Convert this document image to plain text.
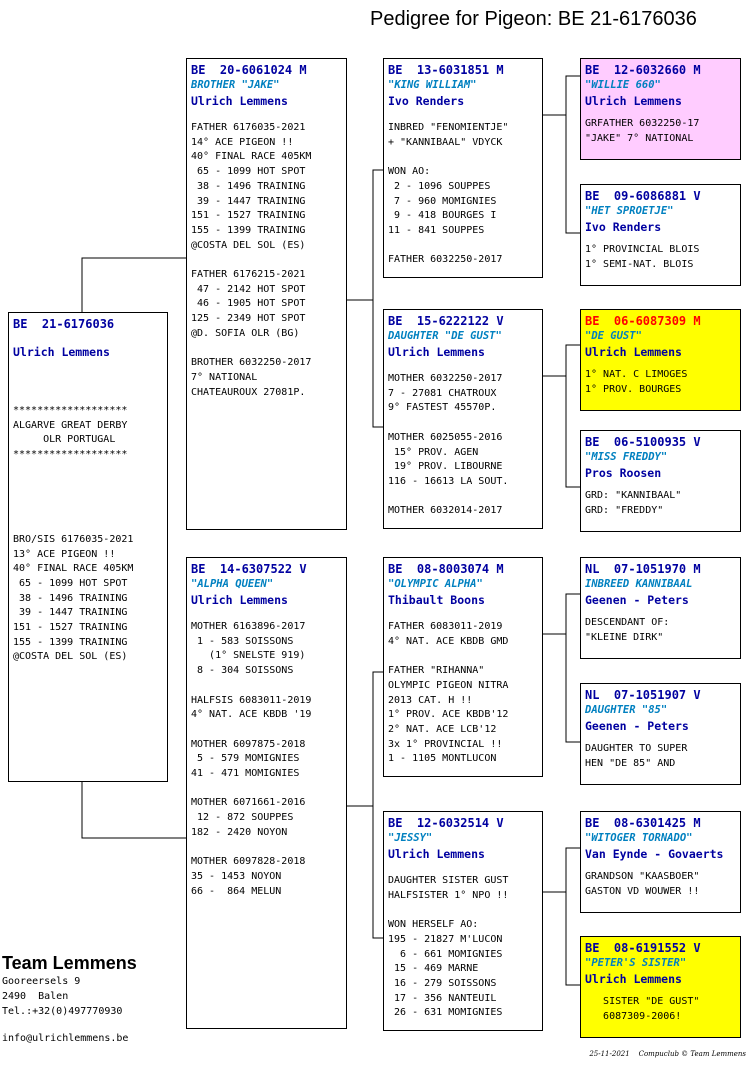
Pedigree for Pigeon: BE 21-6176036
BE  21-6176036
Ulrich Lemmens
*******************
ALGARVE GREAT DERBY
OLR PORTUGAL
*******************
BRO/SIS 6176035-2021
13° ACE PIGEON !!
40° FINAL RACE 405KM
65 - 1099 HOT SPOT
38 - 1496 TRAINING
39 - 1447 TRAINING
151 - 1527 TRAINING
155 - 1399 TRAINING
@COSTA DEL SOL (ES)
BE  20-6061024 M
BROTHER "JAKE"
Ulrich Lemmens
FATHER 6176035-2021
14° ACE PIGEON !!
40° FINAL RACE 405KM
65 - 1099 HOT SPOT
38 - 1496 TRAINING
39 - 1447 TRAINING
151 - 1527 TRAINING
155 - 1399 TRAINING
@COSTA DEL SOL (ES)

FATHER 6176215-2021
47 - 2142 HOT SPOT
46 - 1905 HOT SPOT
125 - 2349 HOT SPOT
@D. SOFIA OLR (BG)

BROTHER 6032250-2017
7° NATIONAL
CHATEAUROUX 27081P.
BE  14-6307522 V
"ALPHA QUEEN"
Ulrich Lemmens
MOTHER 6163896-2017
1 - 583 SOISSONS
(1° SNELSTE 919)
8 - 304 SOISSONS

HALFSIS 6083011-2019
4° NAT. ACE KBDB '19

MOTHER 6097875-2018
5 - 579 MOMIGNIES
41 - 471 MOMIGNIES

MOTHER 6071661-2016
12 - 872 SOUPPES
182 - 2420 NOYON

MOTHER 6097828-2018
35 - 1453 NOYON
66 -  864 MELUN
BE  13-6031851 M
"KING WILLIAM"
Ivo Renders
INBRED "FENOMIENTJE"
+ "KANNIBAAL" VDYCK

WON AO:
2 - 1096 SOUPPES
7 - 960 MOMIGNIES
9 - 418 BOURGES I
11 - 841 SOUPPES

FATHER 6032250-2017
BE  15-6222122 V
DAUGHTER "DE GUST"
Ulrich Lemmens
MOTHER 6032250-2017
7 - 27081 CHATROUX
9° FASTEST 45570P.

MOTHER 6025055-2016
15° PROV. AGEN
19° PROV. LIBOURNE
116 - 16613 LA SOUT.

MOTHER 6032014-2017
BE  08-8003074 M
"OLYMPIC ALPHA"
Thibault Boons
FATHER 6083011-2019
4° NAT. ACE KBDB GMD

FATHER "RIHANNA"
OLYMPIC PIGEON NITRA
2013 CAT. H !!
1° PROV. ACE KBDB'12
2° NAT. ACE LCB'12
3x 1° PROVINCIAL !!
1 - 1105 MONTLUCON
BE  12-6032514 V
"JESSY"
Ulrich Lemmens
DAUGHTER SISTER GUST
HALFSISTER 1° NPO !!

WON HERSELF AO:
195 - 21827 M'LUCON
6 - 661 MOMIGNIES
15 - 469 MARNE
16 - 279 SOISSONS
17 - 356 NANTEUIL
26 - 631 MOMIGNIES
BE  12-6032660 M
"WILLIE 660"
Ulrich Lemmens
GRFATHER 6032250-17
"JAKE" 7° NATIONAL
BE  09-6086881 V
"HET SPROETJE"
Ivo Renders
1° PROVINCIAL BLOIS
1° SEMI-NAT. BLOIS
BE  06-6087309 M
"DE GUST"
Ulrich Lemmens
1° NAT. C LIMOGES
1° PROV. BOURGES
BE  06-5100935 V
"MISS FREDDY"
Pros Roosen
GRD: "KANNIBAAL"
GRD: "FREDDY"
NL  07-1051970 M
INBREED KANNIBAAL
Geenen - Peters
DESCENDANT OF:
"KLEINE DIRK"
NL  07-1051907 V
DAUGHTER "85"
Geenen - Peters
DAUGHTER TO SUPER
HEN "DE 85" AND
BE  08-6301425 M
"WITOGER TORNADO"
Van Eynde - Govaerts
GRANDSON "KAASBOER"
GASTON VD WOUWER !!
BE  08-6191552 V
"PETER'S SISTER"
Ulrich Lemmens
SISTER "DE GUST"
6087309-2006!
Team Lemmens
Gooreersels 9
2490  Balen
Tel.:+32(0)497770930
info@ulrichlemmens.be
25-11-2021    Compuclub © Team Lemmens
